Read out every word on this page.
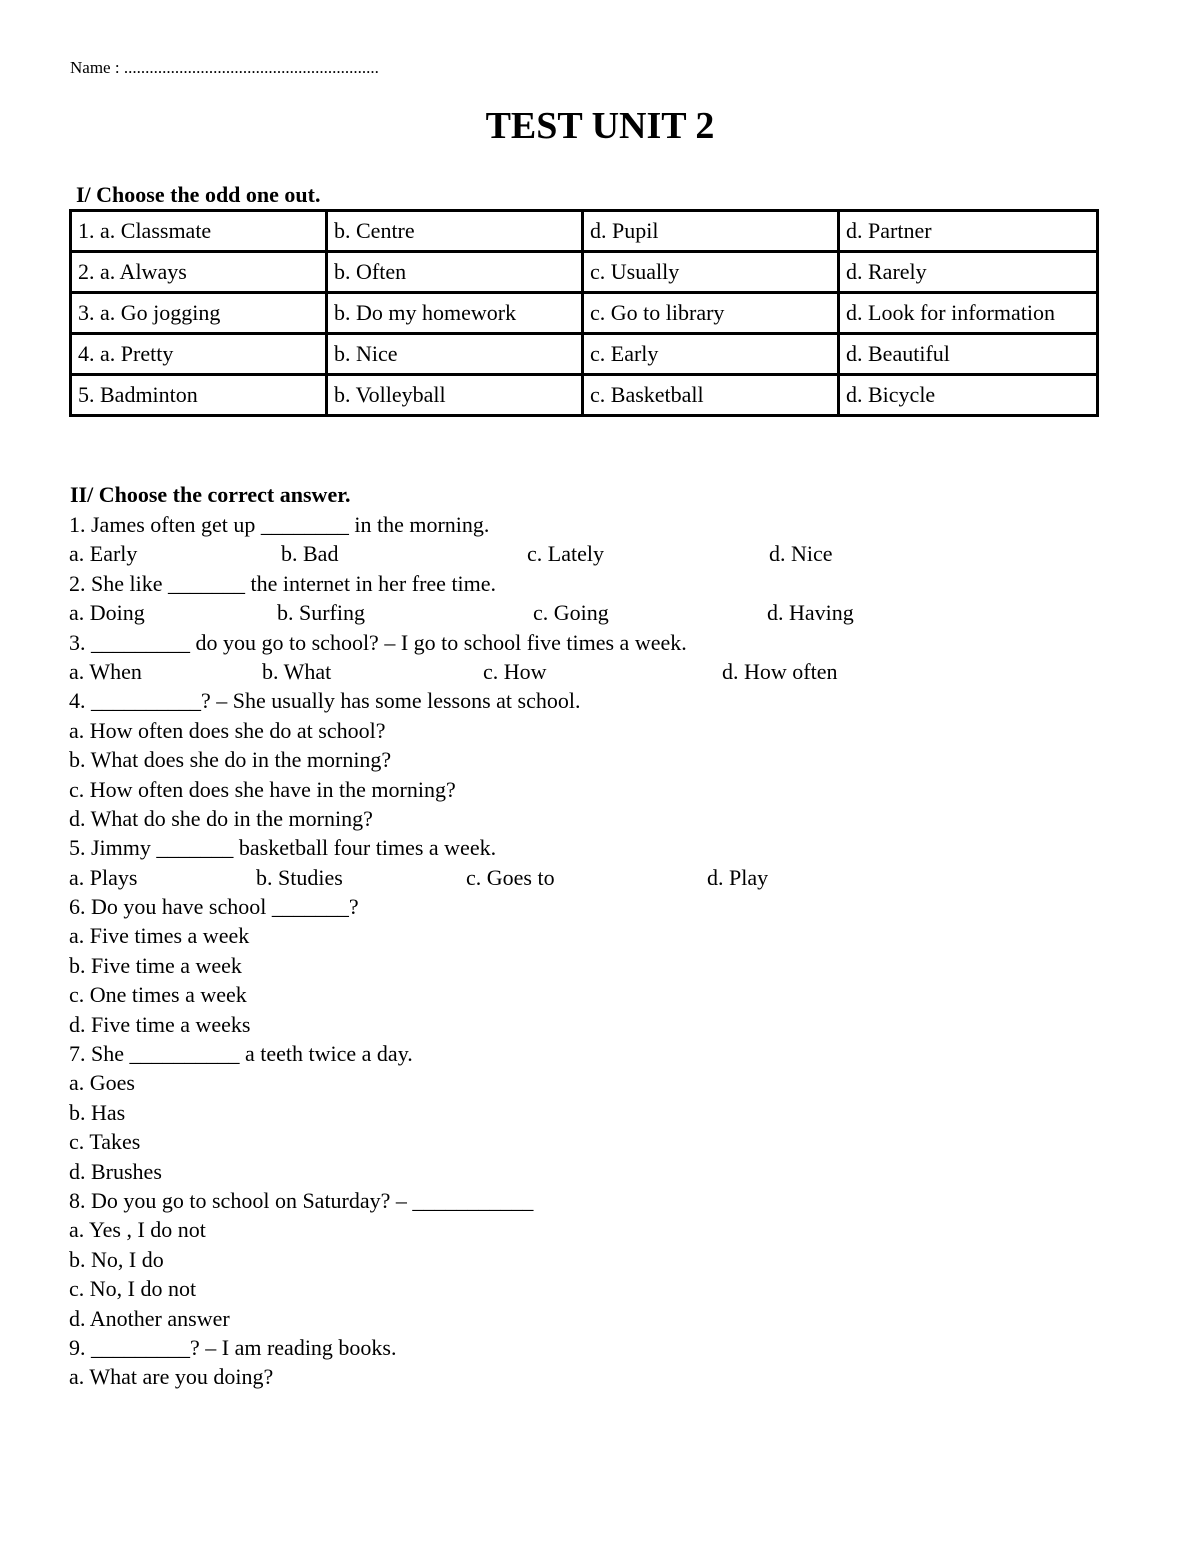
Name : ............................................................
TEST UNIT 2
I/ Choose the odd one out.
1. a. Classmate	b. Centre	d. Pupil	d. Partner
2. a. Always	b. Often	c. Usually	d. Rarely
3. a. Go jogging	b. Do my homework	c. Go to library	d. Look for information
4. a. Pretty	b. Nice	c. Early	d. Beautiful
5. Badminton	b. Volleyball	c. Basketball	d. Bicycle
II/ Choose the correct answer.
1. James often get up ________ in the morning.
a. Early	b. Bad	c. Lately	d. Nice
2. She like _______ the internet in her free time.
a. Doing	b. Surfing	c. Going	d. Having
3. _________ do you go to school? – I go to school five times a week.
a. When	b. What	c. How	d. How often
4. __________? – She usually has some lessons at school.
a. How often does she do at school?
b. What does she do in the morning?
c. How often does she have in the morning?
d. What do she do in the morning?
5. Jimmy _______ basketball four times a week.
a. Plays	b. Studies	c. Goes to	d. Play
6. Do you have school _______?
a. Five times a week
b. Five time a week
c. One times a week
d. Five time a weeks
7. She __________ a teeth twice a day.
a. Goes
b. Has
c. Takes
d. Brushes
8. Do you go to school on Saturday? – ___________
a. Yes , I do not
b. No, I do
c. No, I do not
d. Another answer
9. _________? – I am reading books.
a. What are you doing?
